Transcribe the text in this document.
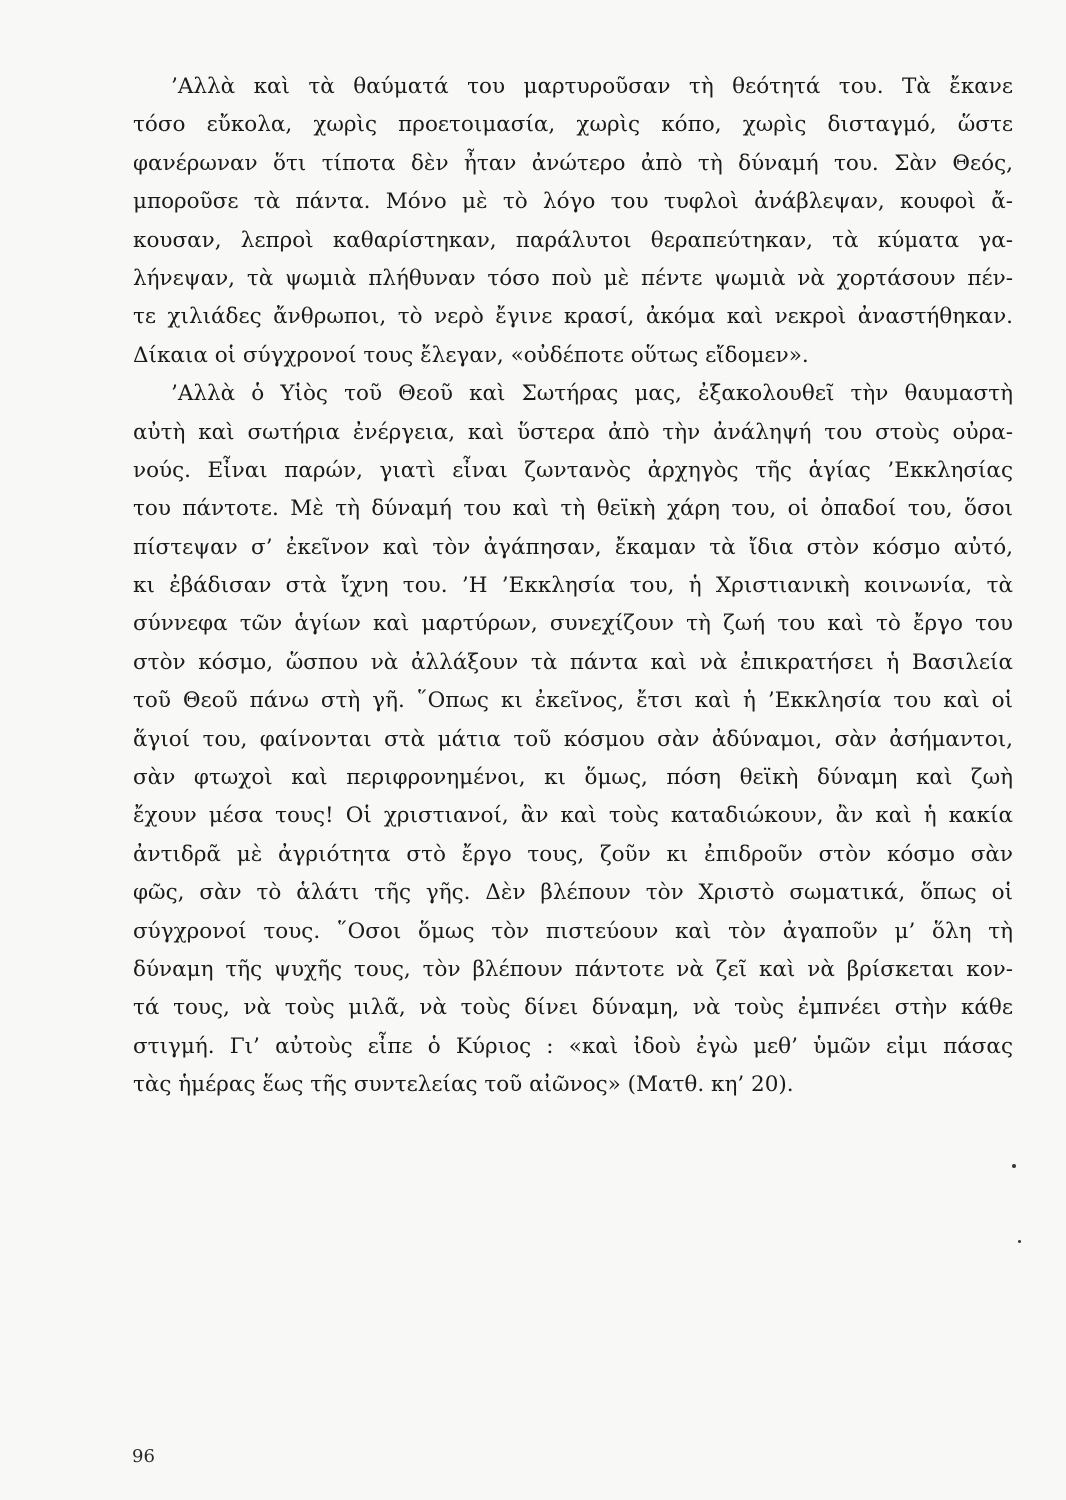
’Αλλὰ καὶ τὰ θαύματά του μαρτυροῦσαν τὴ θεότητά του. Τὰ ἔκανε
τόσο εὔκολα, χωρὶς προετοιμασία, χωρὶς κόπο, χωρὶς δισταγμό, ὥστε
φανέρωναν ὅτι τίποτα δὲν ἦταν ἀνώτερο ἀπὸ τὴ δύναμή του. Σὰν Θεός,
μποροῦσε τὰ πάντα. Μόνο μὲ τὸ λόγο του τυφλοὶ ἀνάβλεψαν, κουφοὶ ἄ-
κουσαν, λεπροὶ καθαρίστηκαν, παράλυτοι θεραπεύτηκαν, τὰ κύματα γα-
λήνεψαν, τὰ ψωμιὰ πλήθυναν τόσο ποὺ μὲ πέντε ψωμιὰ νὰ χορτάσουν πέν-
τε χιλιάδες ἄνθρωποι, τὸ νερὸ ἔγινε κρασί, ἀκόμα καὶ νεκροὶ ἀναστήθηκαν.
Δίκαια οἱ σύγχρονοί τους ἔλεγαν, «οὐδέποτε οὕτως εἴδομεν».
’Αλλὰ ὁ Υἱὸς τοῦ Θεοῦ καὶ Σωτήρας μας, ἐξακολουθεῖ τὴν θαυμαστὴ
αὐτὴ καὶ σωτήρια ἐνέργεια, καὶ ὕστερα ἀπὸ τὴν ἀνάληψή του στοὺς οὐρα-
νούς. Εἶναι παρών, γιατὶ εἶναι ζωντανὸς ἀρχηγὸς τῆς ἁγίας ’Εκκλησίας
του πάντοτε. Μὲ τὴ δύναμή του καὶ τὴ θεϊκὴ χάρη του, οἱ ὀπαδοί του, ὅσοι
πίστεψαν σ’ ἐκεῖνον καὶ τὸν ἀγάπησαν, ἔκαμαν τὰ ἴδια στὸν κόσμο αὐτό,
κι ἐβάδισαν στὰ ἴχνη του. ’Η ’Εκκλησία του, ἡ Χριστιανικὴ κοινωνία, τὰ
σύννεφα τῶν ἁγίων καὶ μαρτύρων, συνεχίζουν τὴ ζωή του καὶ τὸ ἔργο του
στὸν κόσμο, ὥσπου νὰ ἀλλάξουν τὰ πάντα καὶ νὰ ἐπικρατήσει ἡ Βασιλεία
τοῦ Θεοῦ πάνω στὴ γῆ. ῞Οπως κι ἐκεῖνος, ἔτσι καὶ ἡ ’Εκκλησία του καὶ οἱ
ἅγιοί του, φαίνονται στὰ μάτια τοῦ κόσμου σὰν ἀδύναμοι, σὰν ἀσήμαντοι,
σὰν φτωχοὶ καὶ περιφρονημένοι, κι ὅμως, πόση θεϊκὴ δύναμη καὶ ζωὴ
ἔχουν μέσα τους! Οἱ χριστιανοί, ἂν καὶ τοὺς καταδιώκουν, ἂν καὶ ἡ κακία
ἀντιδρᾶ μὲ ἀγριότητα στὸ ἔργο τους, ζοῦν κι ἐπιδροῦν στὸν κόσμο σὰν
φῶς, σὰν τὸ ἁλάτι τῆς γῆς. Δὲν βλέπουν τὸν Χριστὸ σωματικά, ὅπως οἱ
σύγχρονοί τους. ῞Οσοι ὅμως τὸν πιστεύουν καὶ τὸν ἀγαποῦν μ’ ὅλη τὴ
δύναμη τῆς ψυχῆς τους, τὸν βλέπουν πάντοτε νὰ ζεῖ καὶ νὰ βρίσκεται κον-
τά τους, νὰ τοὺς μιλᾶ, νὰ τοὺς δίνει δύναμη, νὰ τοὺς ἐμπνέει στὴν κάθε
στιγμή. Γι’ αὐτοὺς εἶπε ὁ Κύριος : «καὶ ἰδοὺ ἐγὼ μεθ’ ὑμῶν εἰμι πάσας
τὰς ἡμέρας ἕως τῆς συντελείας τοῦ αἰῶνος» (Ματθ. κη’ 20).
96
